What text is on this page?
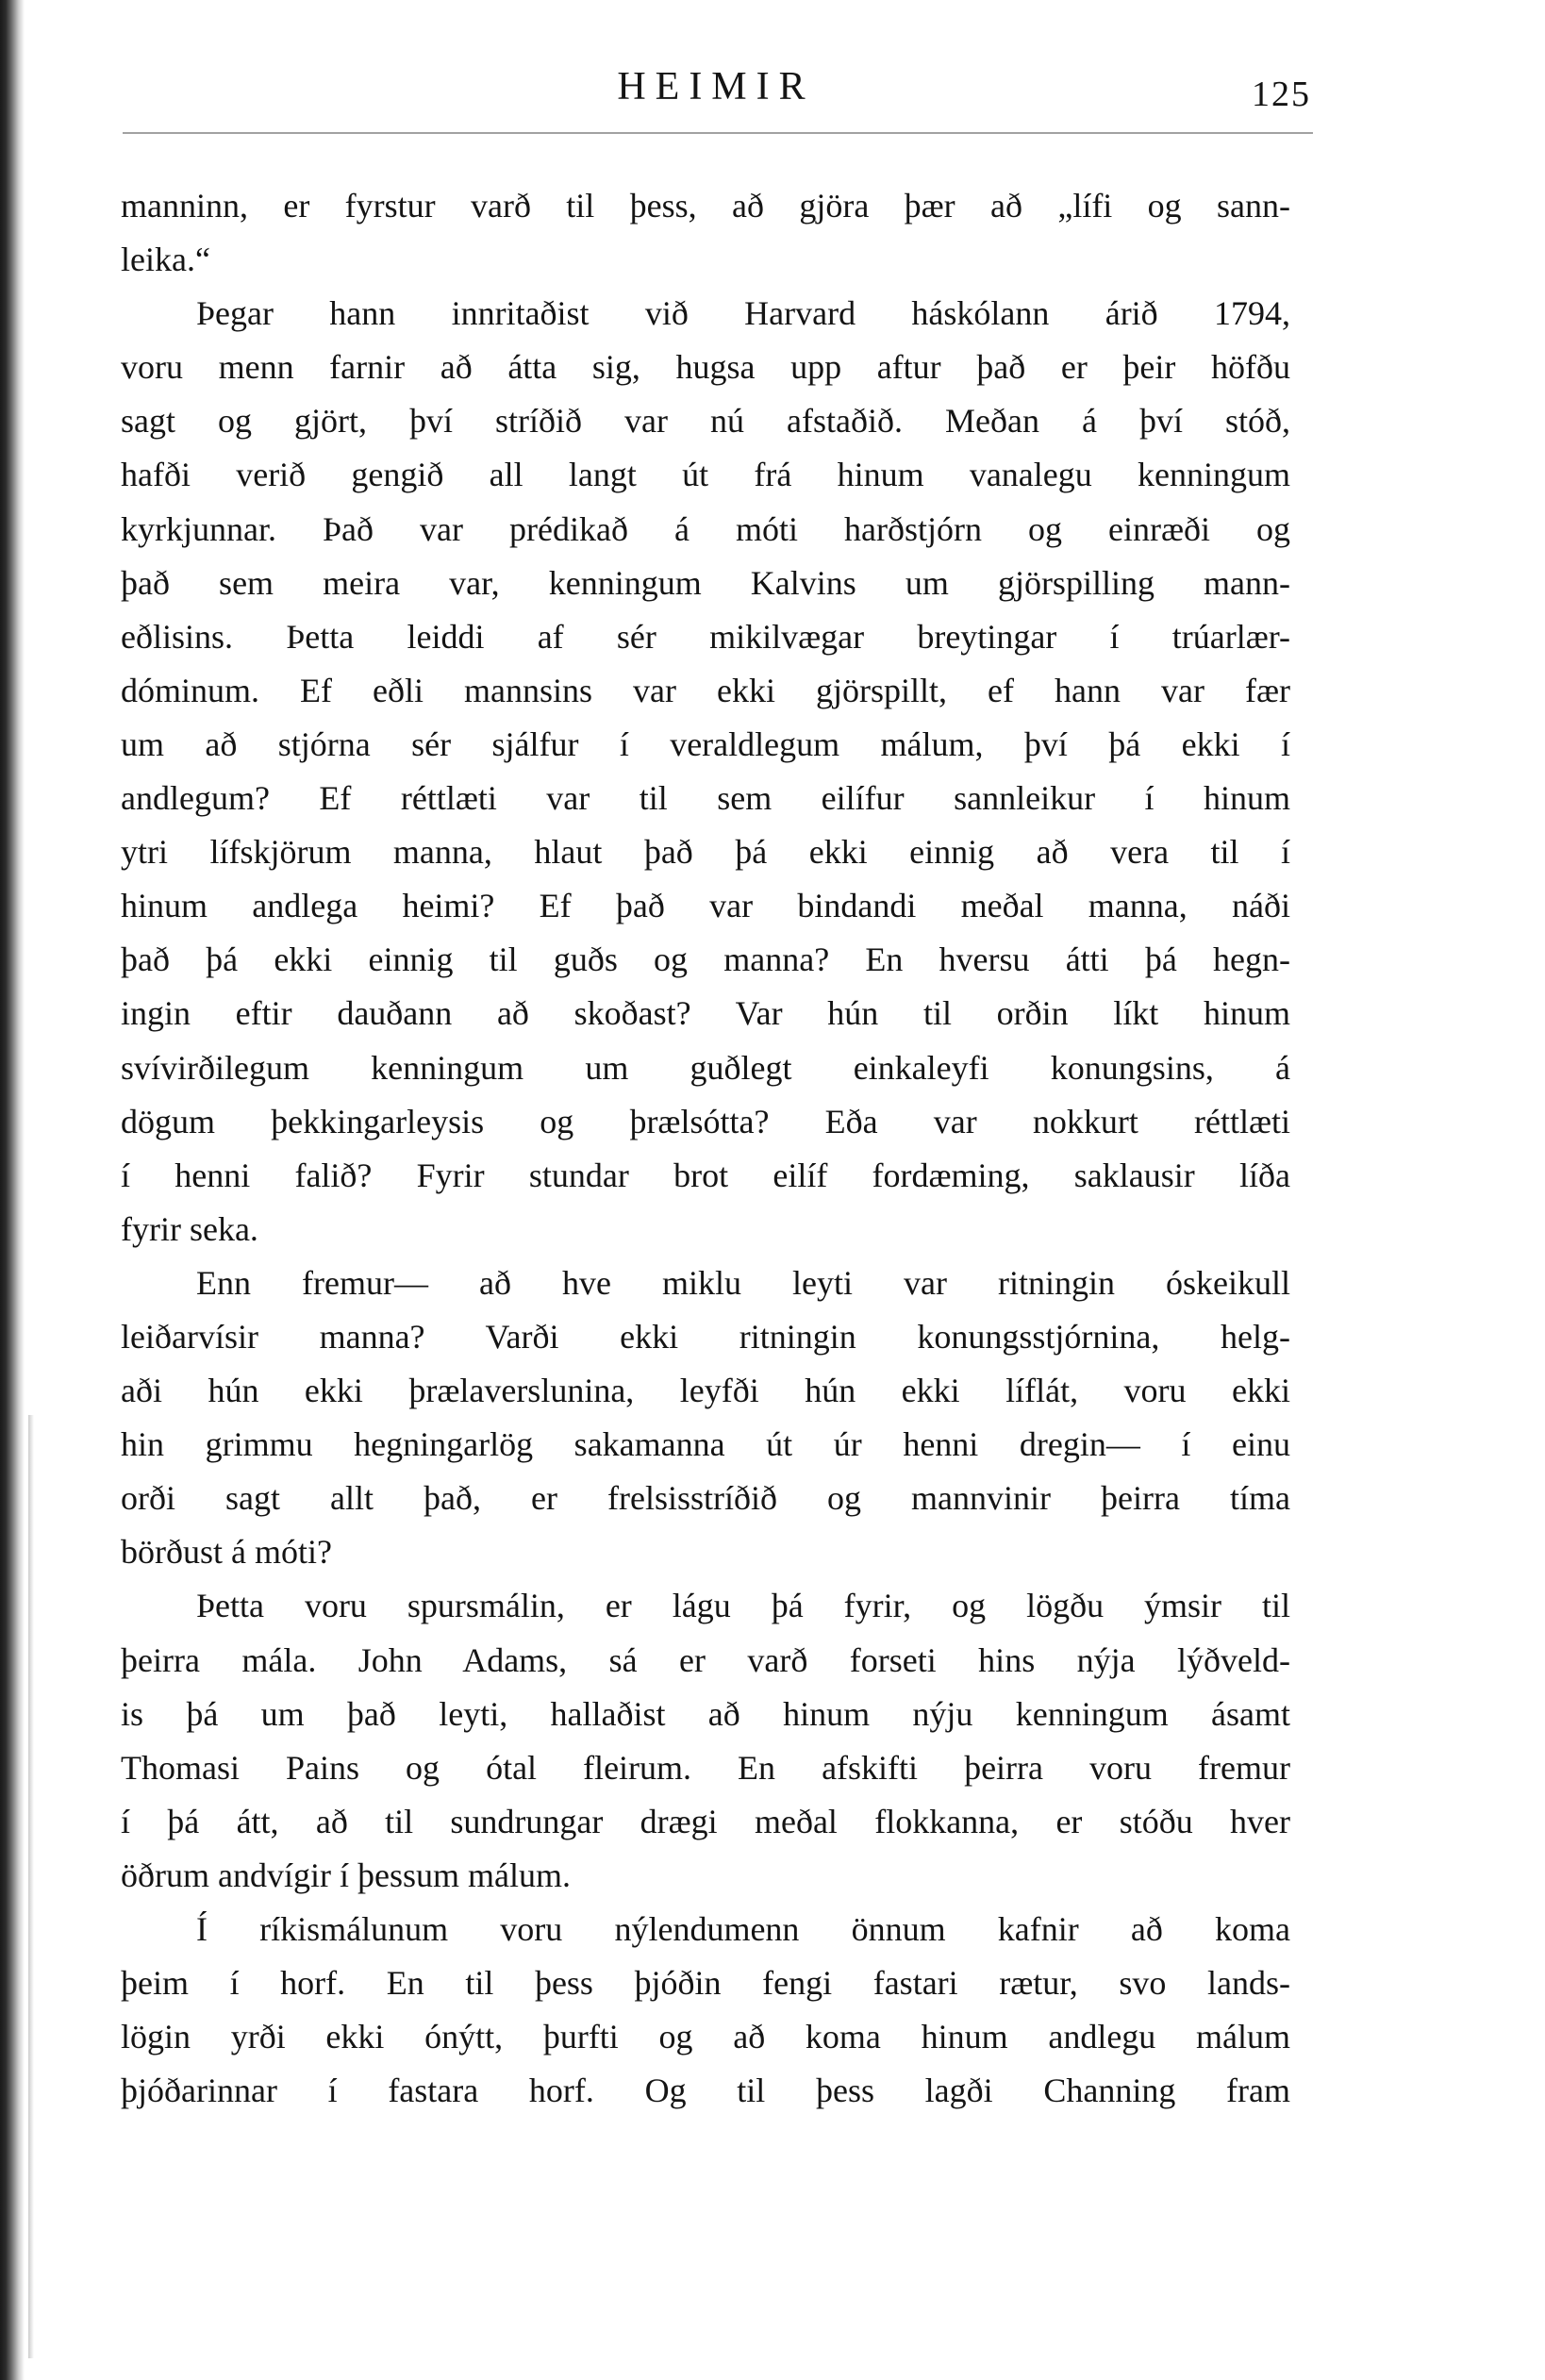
HEIMIR	125
manninn, er fyrstur varð til þess, að gjöra þær að „lífi og sann-
leika.“
Þegar hann innritaðist við Harvard háskólann árið 1794,
voru menn farnir að átta sig, hugsa upp aftur það er þeir höfðu
sagt og gjört, því stríðið var nú afstaðið. Meðan á því stóð,
hafði verið gengið all langt út frá hinum vanalegu kenningum
kyrkjunnar. Það var prédikað á móti harðstjórn og einræði og
það sem meira var, kenningum Kalvins um gjörspilling mann-
eðlisins. Þetta leiddi af sér mikilvægar breytingar í trúarlær-
dóminum. Ef eðli mannsins var ekki gjörspillt, ef hann var fær
um að stjórna sér sjálfur í veraldlegum málum, því þá ekki í
andlegum? Ef réttlæti var til sem eilífur sannleikur í hinum
ytri lífskjörum manna, hlaut það þá ekki einnig að vera til í
hinum andlega heimi? Ef það var bindandi meðal manna, náði
það þá ekki einnig til guðs og manna? En hversu átti þá hegn-
ingin eftir dauðann að skoðast? Var hún til orðin líkt hinum
svívirðilegum kenningum um guðlegt einkaleyfi konungsins, á
dögum þekkingarleysis og þrælsótta? Eða var nokkurt réttlæti
í henni falið? Fyrir stundar brot eilíf fordæming, saklausir líða
fyrir seka.
Enn fremur— að hve miklu leyti var ritningin óskeikull
leiðarvísir manna? Varði ekki ritningin konungsstjórnina, helg-
aði hún ekki þrælaverslunina, leyfði hún ekki líflát, voru ekki
hin grimmu hegningarlög sakamanna út úr henni dregin— í einu
orði sagt allt það, er frelsisstríðið og mannvinir þeirra tíma
börðust á móti?
Þetta voru spursmálin, er lágu þá fyrir, og lögðu ýmsir til
þeirra mála. John Adams, sá er varð forseti hins nýja lýðveld-
is þá um það leyti, hallaðist að hinum nýju kenningum ásamt
Thomasi Pains og ótal fleirum. En afskifti þeirra voru fremur
í þá átt, að til sundrungar drægi meðal flokkanna, er stóðu hver
öðrum andvígir í þessum málum.
Í ríkismálunum voru nýlendumenn önnum kafnir að koma
þeim í horf. En til þess þjóðin fengi fastari rætur, svo lands-
lögin yrði ekki ónýtt, þurfti og að koma hinum andlegu málum
þjóðarinnar í fastara horf. Og til þess lagði Channing fram
